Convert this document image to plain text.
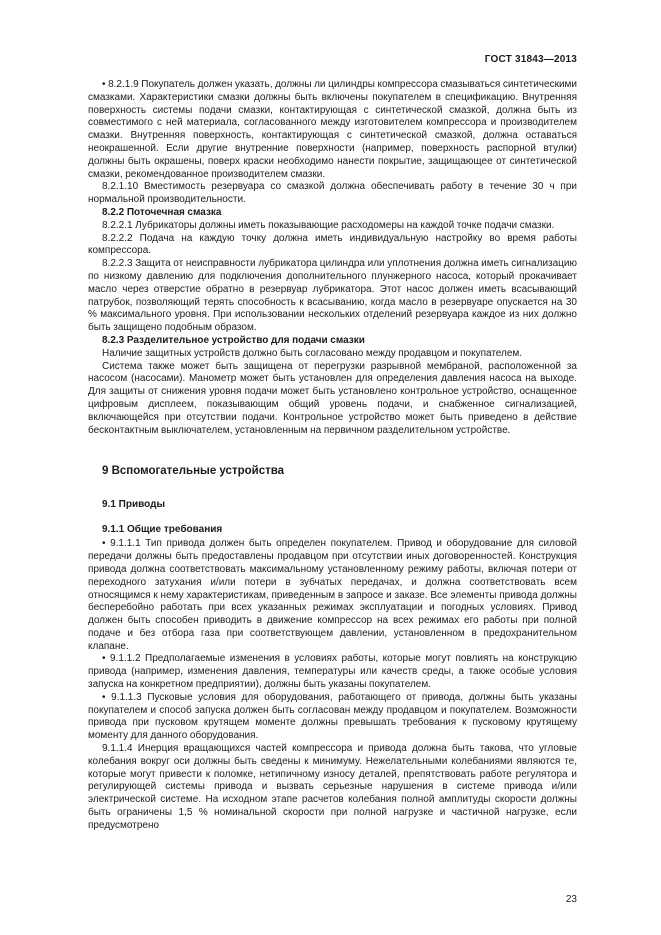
ГОСТ 31843—2013

• 8.2.1.9 Покупатель должен указать, должны ли цилиндры компрессора смазываться синтетическими смазками. Характеристики смазки должны быть включены покупателем в спецификацию. Внутренняя поверхность системы подачи смазки, контактирующая с синтетической смазкой, должна быть из совместимого с ней материала, согласованного между изготовителем компрессора и производителем смазки. Внутренняя поверхность, контактирующая с синтетической смазкой, должна оставаться неокрашенной. Если другие внутренние поверхности (например, поверхность распорной втулки) должны быть окрашены, поверх краски необходимо нанести покрытие, защищающее от синтетической смазки, рекомендованное производителем смазки.

8.2.1.10 Вместимость резервуара со смазкой должна обеспечивать работу в течение 30 ч при нормальной производительности.

8.2.2 Поточечная смазка

8.2.2.1 Лубрикаторы должны иметь показывающие расходомеры на каждой точке подачи смазки.

8.2.2.2 Подача на каждую точку должна иметь индивидуальную настройку во время работы компрессора.

8.2.2.3 Защита от неисправности лубрикатора цилиндра или уплотнения должна иметь сигнализацию по низкому давлению для подключения дополнительного плунжерного насоса, который прокачивает масло через отверстие обратно в резервуар лубрикатора. Этот насос должен иметь всасывающий патрубок, позволяющий терять способность к всасыванию, когда масло в резервуаре опускается на 30 % максимального уровня. При использовании нескольких отделений резервуара каждое из них должно быть защищено подобным образом.

8.2.3 Разделительное устройство для подачи смазки

Наличие защитных устройств должно быть согласовано между продавцом и покупателем.

Система также может быть защищена от перегрузки разрывной мембраной, расположенной за насосом (насосами). Манометр может быть установлен для определения давления насоса на выходе. Для защиты от снижения уровня подачи может быть установлено контрольное устройство, оснащенное цифровым дисплеем, показывающим общий уровень подачи, и снабженное сигнализацией, включающейся при отсутствии подачи. Контрольное устройство может быть приведено в действие бесконтактным выключателем, установленным на первичном разделительном устройстве.

9 Вспомогательные устройства

9.1 Приводы

9.1.1 Общие требования

• 9.1.1.1 Тип привода должен быть определен покупателем. Привод и оборудование для силовой передачи должны быть предоставлены продавцом при отсутствии иных договоренностей. Конструкция привода должна соответствовать максимальному установленному режиму работы, включая потери от переходного затухания и/или потери в зубчатых передачах, и должна соответствовать всем относящимся к нему характеристикам, приведенным в запросе и заказе. Все элементы привода должны бесперебойно работать при всех указанных режимах эксплуатации и погодных условиях. Привод должен быть способен приводить в движение компрессор на всех режимах его работы при полной подаче и без отбора газа при соответствующем давлении, установленном в предохранительном клапане.

• 9.1.1.2 Предполагаемые изменения в условиях работы, которые могут повлиять на конструкцию привода (например, изменения давления, температуры или качеств среды, а также особые условия запуска на конкретном предприятии), должны быть указаны покупателем.

• 9.1.1.3 Пусковые условия для оборудования, работающего от привода, должны быть указаны покупателем и способ запуска должен быть согласован между продавцом и покупателем. Возможности привода при пусковом крутящем моменте должны превышать требования к пусковому крутящему моменту для данного оборудования.

9.1.1.4 Инерция вращающихся частей компрессора и привода должна быть такова, что угловые колебания вокруг оси должны быть сведены к минимуму. Нежелательными колебаниями являются те, которые могут привести к поломке, нетипичному износу деталей, препятствовать работе регулятора и регулирующей системы привода и вызвать серьезные нарушения в системе привода и/или электрической системе. На исходном этапе расчетов колебания полной амплитуды скорости должны быть ограничены 1,5 % номинальной скорости при полной нагрузке и частичной нагрузке, если предусмотрено

23
